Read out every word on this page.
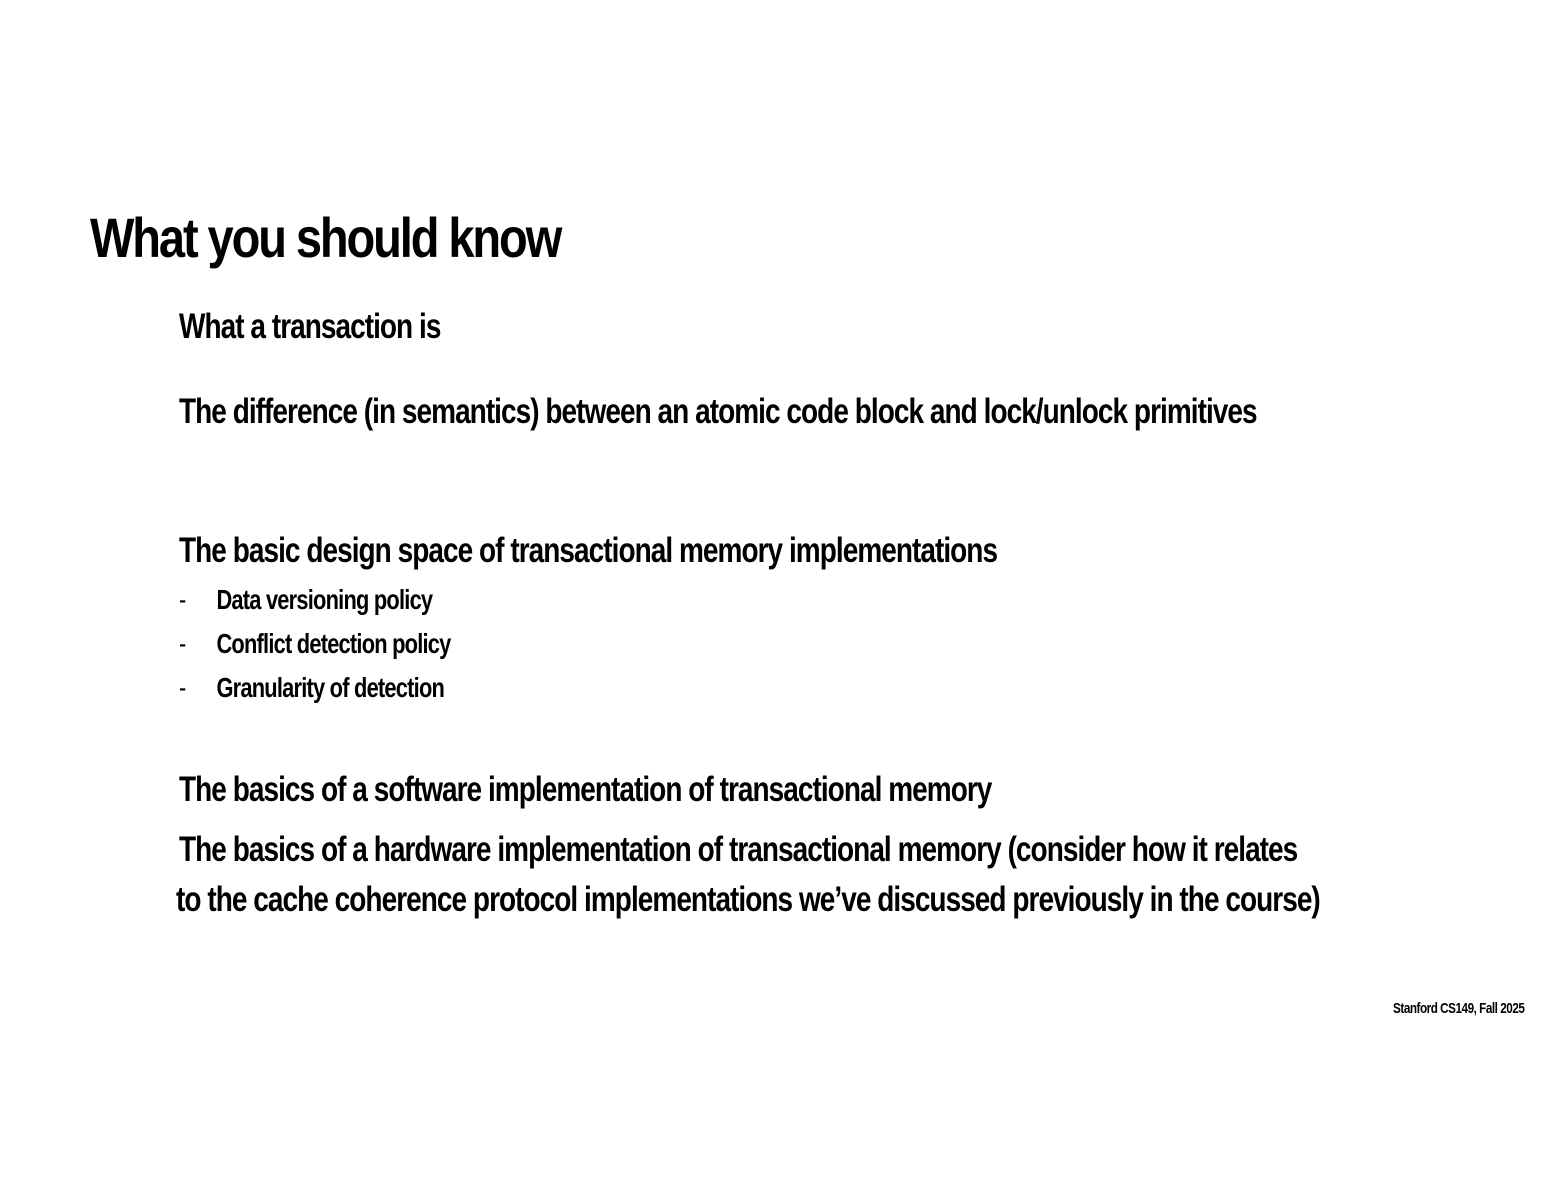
What you should know

What a transaction is

The difference (in semantics) between an atomic code block and lock/unlock primitives

The basic design space of transactional memory implementations

- Data versioning policy

- Conflict detection policy

- Granularity of detection

The basics of a software implementation of transactional memory

The basics of a hardware implementation of transactional memory (consider how it relates

to the cache coherence protocol implementations we’ve discussed previously in the course)

Stanford CS149, Fall 2025
